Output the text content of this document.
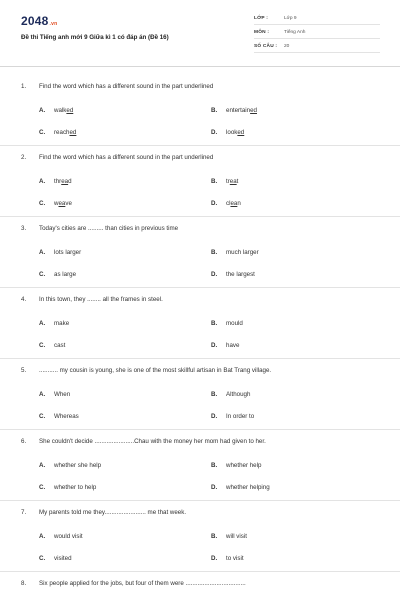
2048.vn
Đề thi Tiếng anh mới 9 Giữa kì 1 có đáp án (Đề 16)
LỚP :	Lớp 9
MÔN :	Tiếng Anh
SỐ CÂU : 20
1. Find the word which has a different sound in the part underlined
A. walked	B. entertained
C. reached	D. looked
2. Find the word which has a different sound in the part underlined
A. thread	B. treat
C. weave	D. clean
3. Today's cities are ......... than cities in previous time
A. lots larger	B. much larger
C. as large	D. the largest
4. In this town, they ........ all the frames in steel.
A. make	B. mould
C. cast	D. have
5. ........... my cousin is young, she is one of the most skillful artisan in Bat Trang village.
A. When	B. Although
C. Whereas	D. In order to
6. She couldn't decide .......................Chau with the money her mom had given to her.
A. whether she help	B. whether help
C. whether to help	D. whether helping
7. My parents told me they........................ me that week.
A. would visit	B. will visit
C. visited	D. to visit
8. Six people applied for the jobs, but four of them were ...................................
